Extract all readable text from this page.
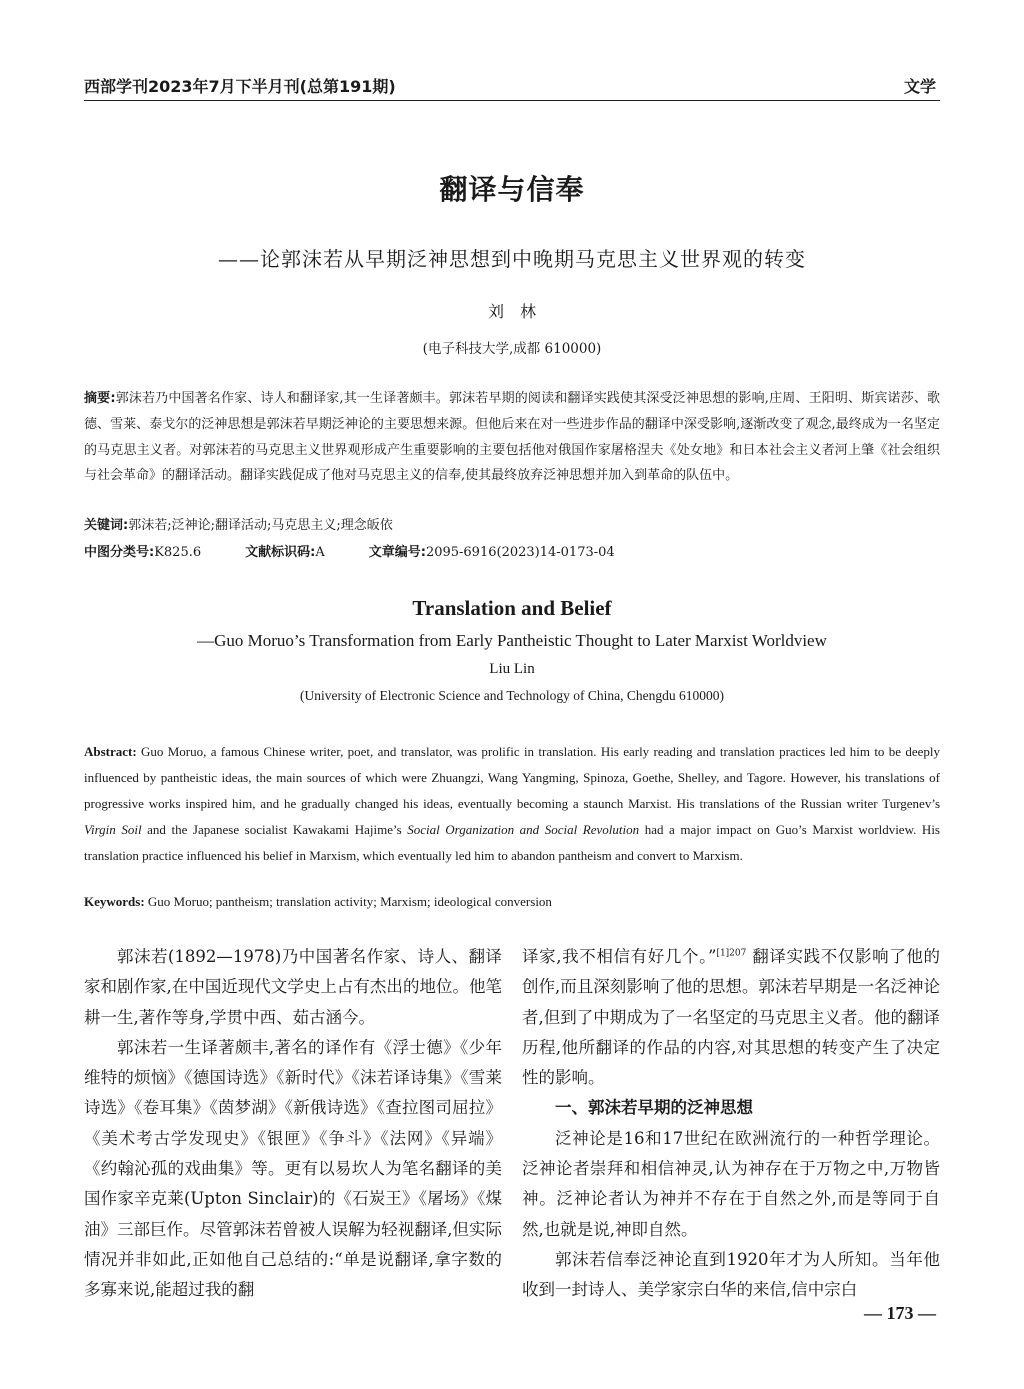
西部学刊2023年7月下半月刊(总第191期)	文学
翻译与信奉
——论郭沫若从早期泛神思想到中晚期马克思主义世界观的转变
刘　林
(电子科技大学,成都 610000)
摘要:郭沫若乃中国著名作家、诗人和翻译家,其一生译著颇丰。郭沫若早期的阅读和翻译实践使其深受泛神思想的影响,庄周、王阳明、斯宾诺莎、歌德、雪莱、泰戈尔的泛神思想是郭沫若早期泛神论的主要思想来源。但他后来在对一些进步作品的翻译中深受影响,逐渐改变了观念,最终成为一名坚定的马克思主义者。对郭沫若的马克思主义世界观形成产生重要影响的主要包括他对俄国作家屠格涅夫《处女地》和日本社会主义者河上肇《社会组织与社会革命》的翻译活动。翻译实践促成了他对马克思主义的信奉,使其最终放弃泛神思想并加入到革命的队伍中。
关键词:郭沫若;泛神论;翻译活动;马克思主义;理念皈依
中图分类号:K825.6	文献标识码:A	文章编号:2095-6916(2023)14-0173-04
Translation and Belief
—Guo Moruo’s Transformation from Early Pantheistic Thought to Later Marxist Worldview
Liu Lin
(University of Electronic Science and Technology of China, Chengdu 610000)
Abstract: Guo Moruo, a famous Chinese writer, poet, and translator, was prolific in translation. His early reading and translation practices led him to be deeply influenced by pantheistic ideas, the main sources of which were Zhuangzi, Wang Yangming, Spinoza, Goethe, Shelley, and Tagore. However, his translations of progressive works inspired him, and he gradually changed his ideas, eventually becoming a staunch Marxist. His translations of the Russian writer Turgenev’s Virgin Soil and the Japanese socialist Kawakami Hajime’s Social Organization and Social Revolution had a major impact on Guo’s Marxist worldview. His translation practice influenced his belief in Marxism, which eventually led him to abandon pantheism and convert to Marxism.
Keywords: Guo Moruo; pantheism; translation activity; Marxism; ideological conversion

郭沫若(1892—1978)乃中国著名作家、诗人、翻译家和剧作家,在中国近现代文学史上占有杰出的地位。他笔耕一生,著作等身,学贯中西、茹古涵今。

郭沫若一生译著颇丰,著名的译作有《浮士德》《少年维特的烦恼》《德国诗选》《新时代》《沫若译诗集》《雪莱诗选》《卷耳集》《茵梦湖》《新俄诗选》《查拉图司屈拉》《美术考古学发现史》《银匣》《争斗》《法网》《异端》《约翰沁孤的戏曲集》等。更有以易坎人为笔名翻译的美国作家辛克莱(Upton Sinclair)的《石炭王》《屠场》《煤油》三部巨作。尽管郭沫若曾被人误解为轻视翻译,但实际情况并非如此,正如他自己总结的:“单是说翻译,拿字数的多寡来说,能超过我的翻

译家,我不相信有好几个。”$^{[1]207}$ 翻译实践不仅影响了他的创作,而且深刻影响了他的思想。郭沫若早期是一名泛神论者,但到了中期成为了一名坚定的马克思主义者。他的翻译历程,他所翻译的作品的内容,对其思想的转变产生了决定性的影响。

一、郭沫若早期的泛神思想

泛神论是16和17世纪在欧洲流行的一种哲学理论。泛神论者崇拜和相信神灵,认为神存在于万物之中,万物皆神。泛神论者认为神并不存在于自然之外,而是等同于自然,也就是说,神即自然。

郭沫若信奉泛神论直到1920年才为人所知。当年他收到一封诗人、美学家宗白华的来信,信中宗白

— 173 —
